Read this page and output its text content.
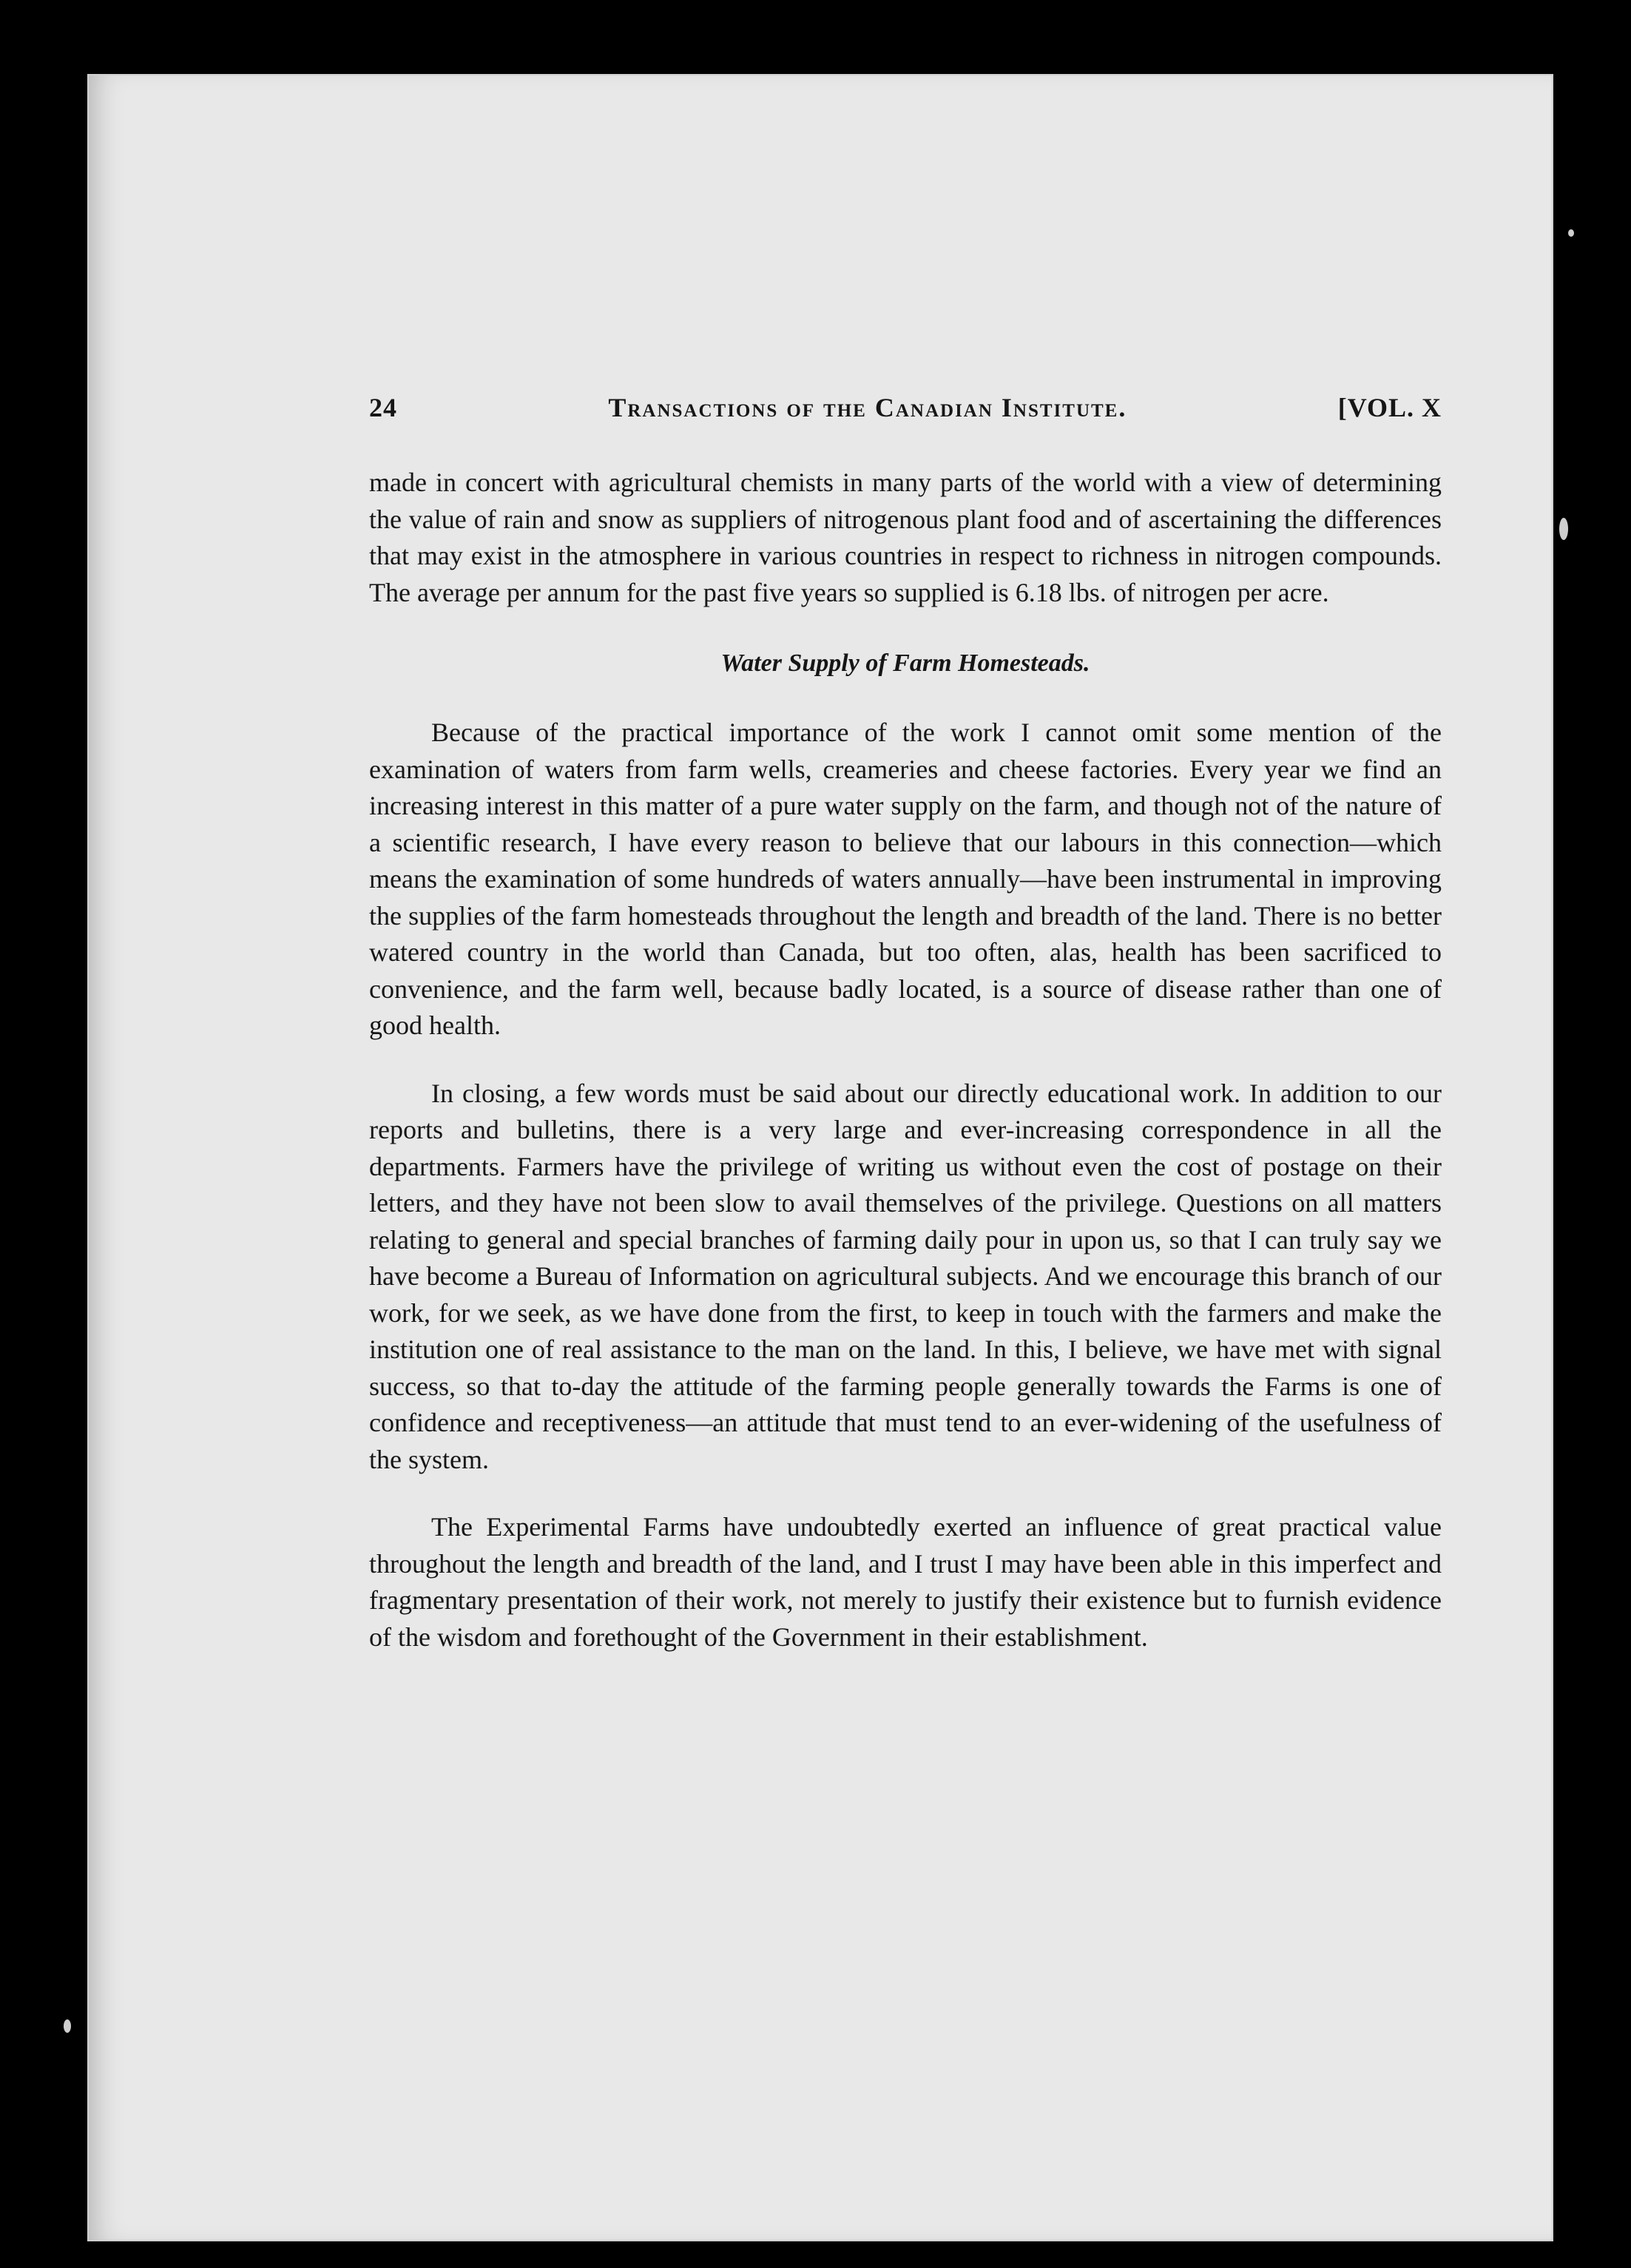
24	Transactions of the Canadian Institute.	[VOL. X

made in concert with agricultural chemists in many parts of the world with a view of determining the value of rain and snow as suppliers of nitrogenous plant food and of ascertaining the differences that may exist in the atmosphere in various countries in respect to richness in nitrogen compounds. The average per annum for the past five years so supplied is 6.18 lbs. of nitrogen per acre.

Water Supply of Farm Homesteads.

Because of the practical importance of the work I cannot omit some mention of the examination of waters from farm wells, creameries and cheese factories. Every year we find an increasing interest in this matter of a pure water supply on the farm, and though not of the nature of a scientific research, I have every reason to believe that our labours in this connection—which means the examination of some hundreds of waters annually—have been instrumental in improving the supplies of the farm homesteads throughout the length and breadth of the land. There is no better watered country in the world than Canada, but too often, alas, health has been sacrificed to convenience, and the farm well, because badly located, is a source of disease rather than one of good health.

In closing, a few words must be said about our directly educational work. In addition to our reports and bulletins, there is a very large and ever-increasing correspondence in all the departments. Farmers have the privilege of writing us without even the cost of postage on their letters, and they have not been slow to avail themselves of the privilege. Questions on all matters relating to general and special branches of farming daily pour in upon us, so that I can truly say we have become a Bureau of Information on agricultural subjects. And we encourage this branch of our work, for we seek, as we have done from the first, to keep in touch with the farmers and make the institution one of real assistance to the man on the land. In this, I believe, we have met with signal success, so that to-day the attitude of the farming people generally towards the Farms is one of confidence and receptiveness—an attitude that must tend to an ever-widening of the usefulness of the system.

The Experimental Farms have undoubtedly exerted an influence of great practical value throughout the length and breadth of the land, and I trust I may have been able in this imperfect and fragmentary presentation of their work, not merely to justify their existence but to furnish evidence of the wisdom and forethought of the Government in their establishment.
